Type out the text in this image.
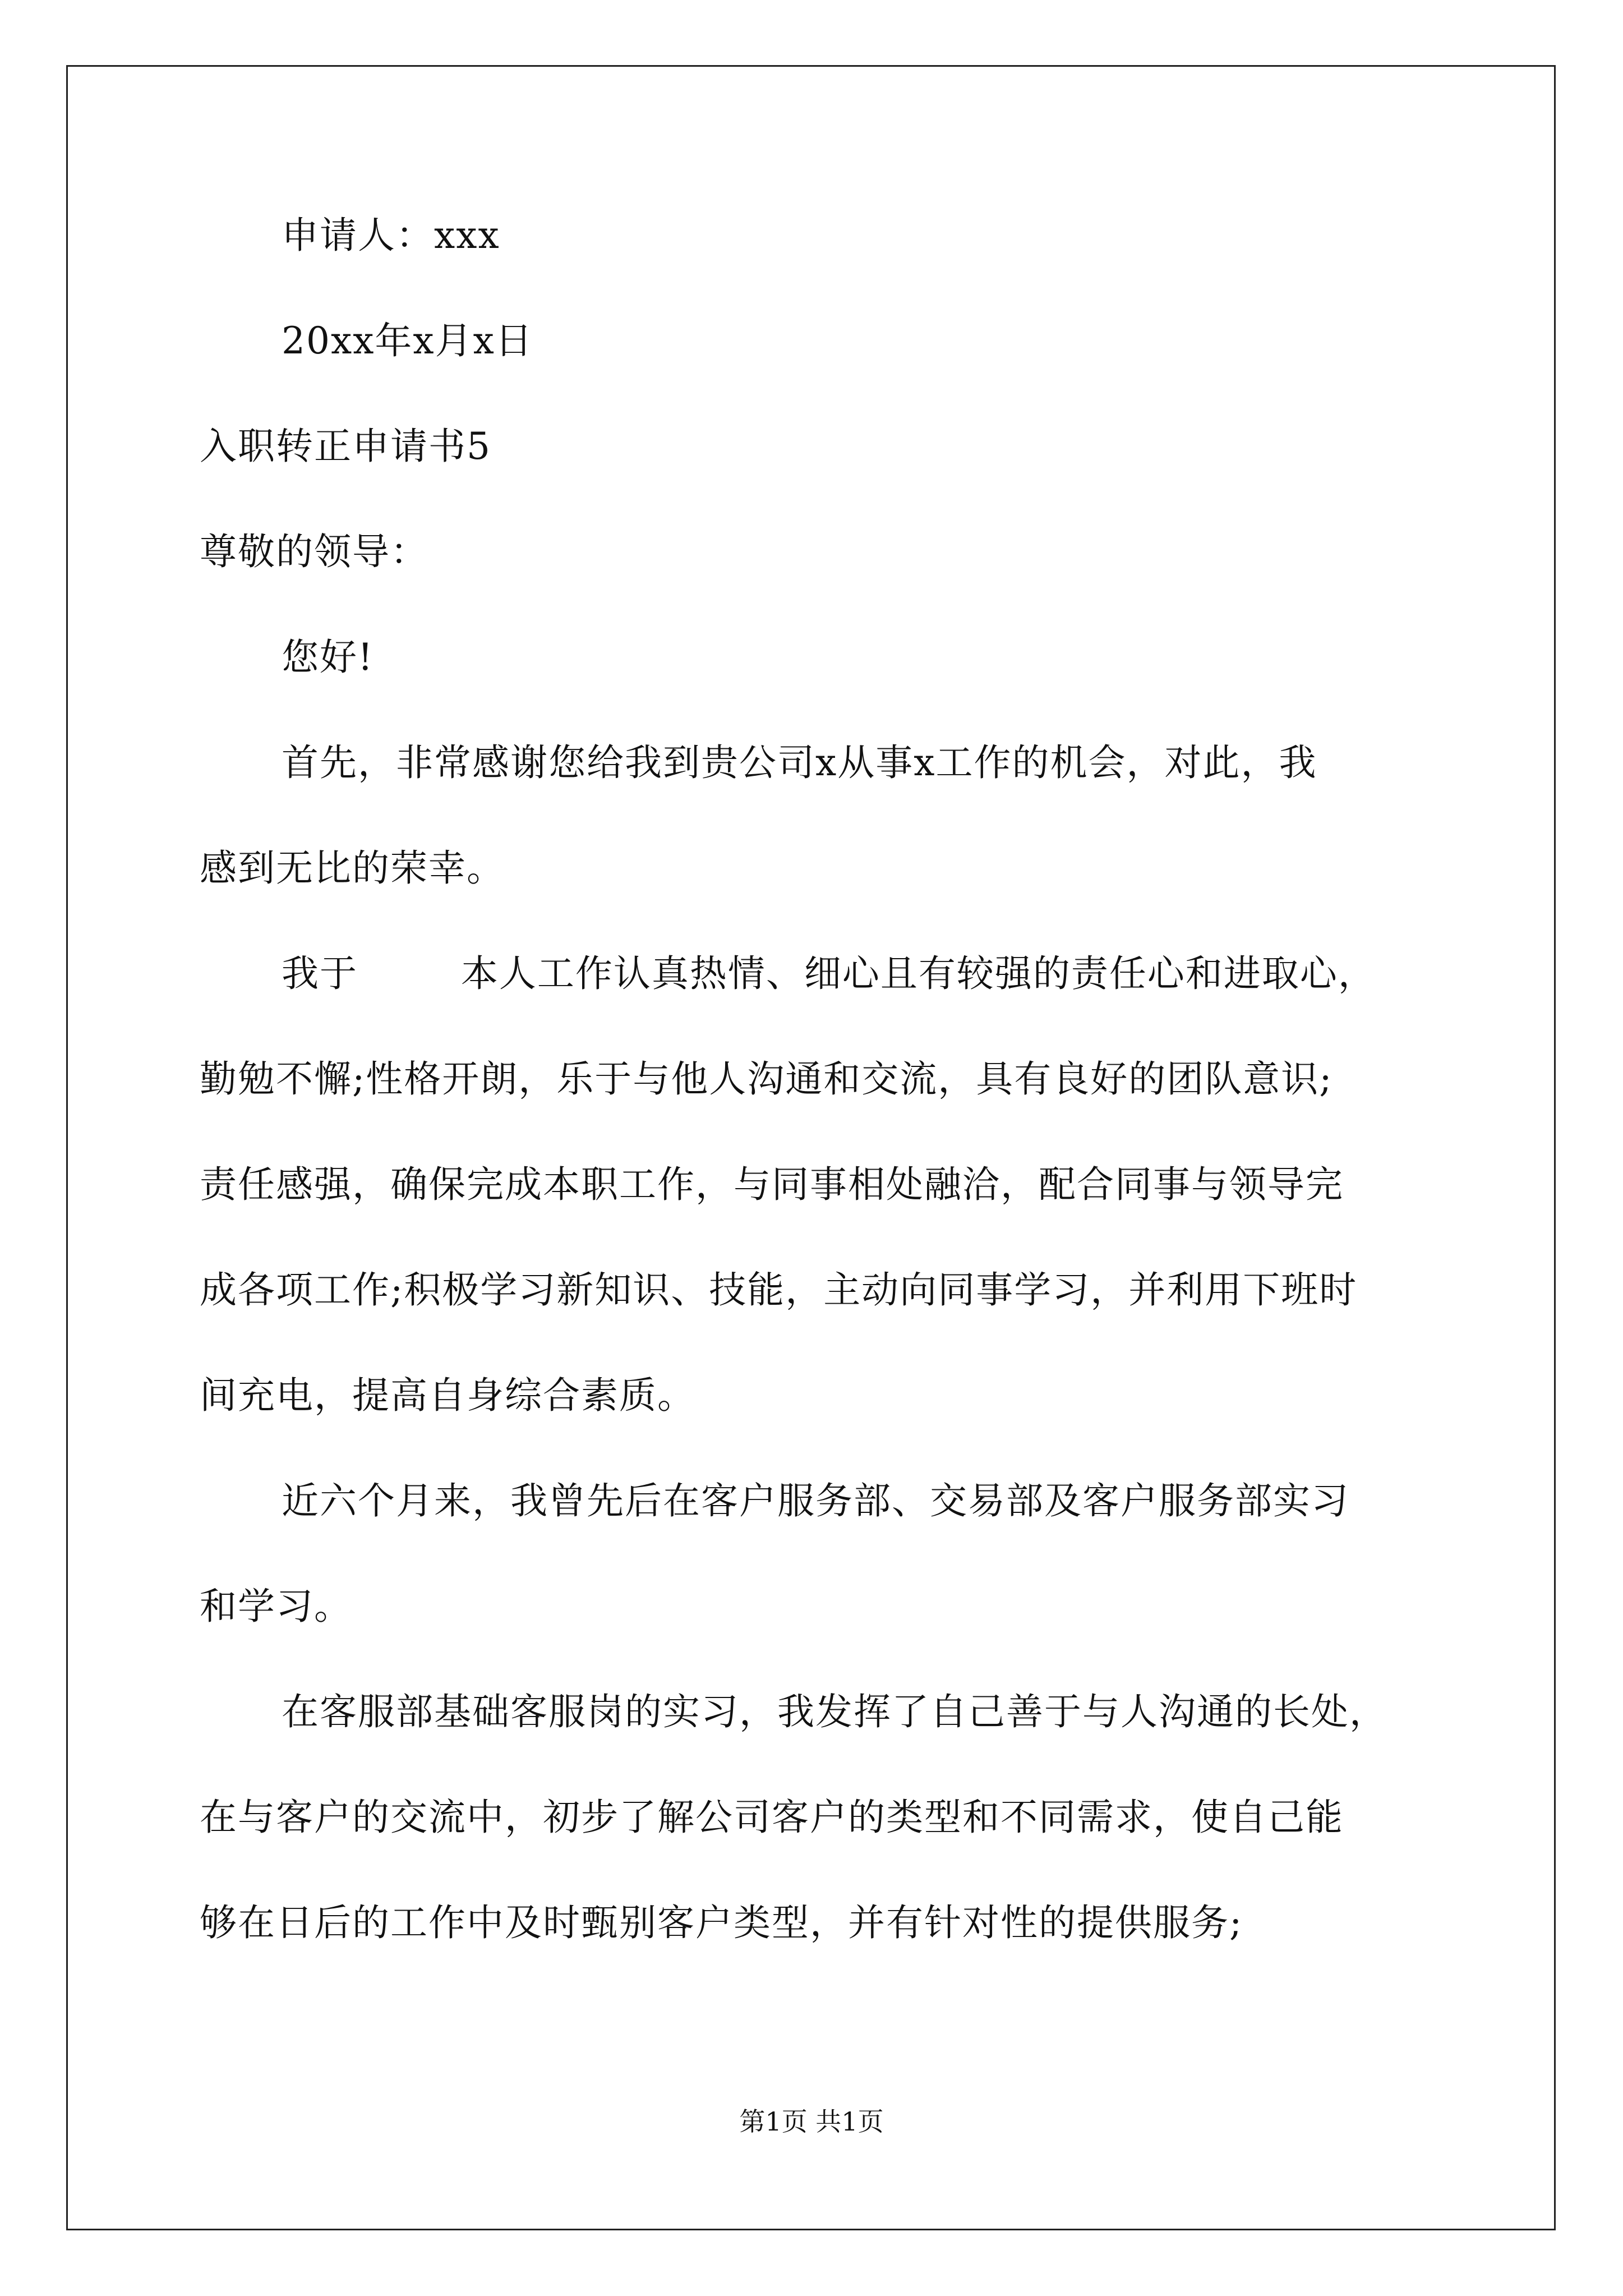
申请人：xxx
20xx年x月x日
入职转正申请书5
尊敬的领导：
您好!
首先，非常感谢您给我到贵公司x从事x工作的机会，对此，我
感到无比的荣幸。
我于        本人工作认真热情、细心且有较强的责任心和进取心，
勤勉不懈;性格开朗，乐于与他人沟通和交流，具有良好的团队意识;
责任感强，确保完成本职工作，与同事相处融洽，配合同事与领导完
成各项工作;积极学习新知识、技能，主动向同事学习，并利用下班时
间充电，提高自身综合素质。
近六个月来，我曾先后在客户服务部、交易部及客户服务部实习
和学习。
在客服部基础客服岗的实习，我发挥了自己善于与人沟通的长处，
在与客户的交流中，初步了解公司客户的类型和不同需求，使自己能
够在日后的工作中及时甄别客户类型，并有针对性的提供服务;
第1页 共1页
